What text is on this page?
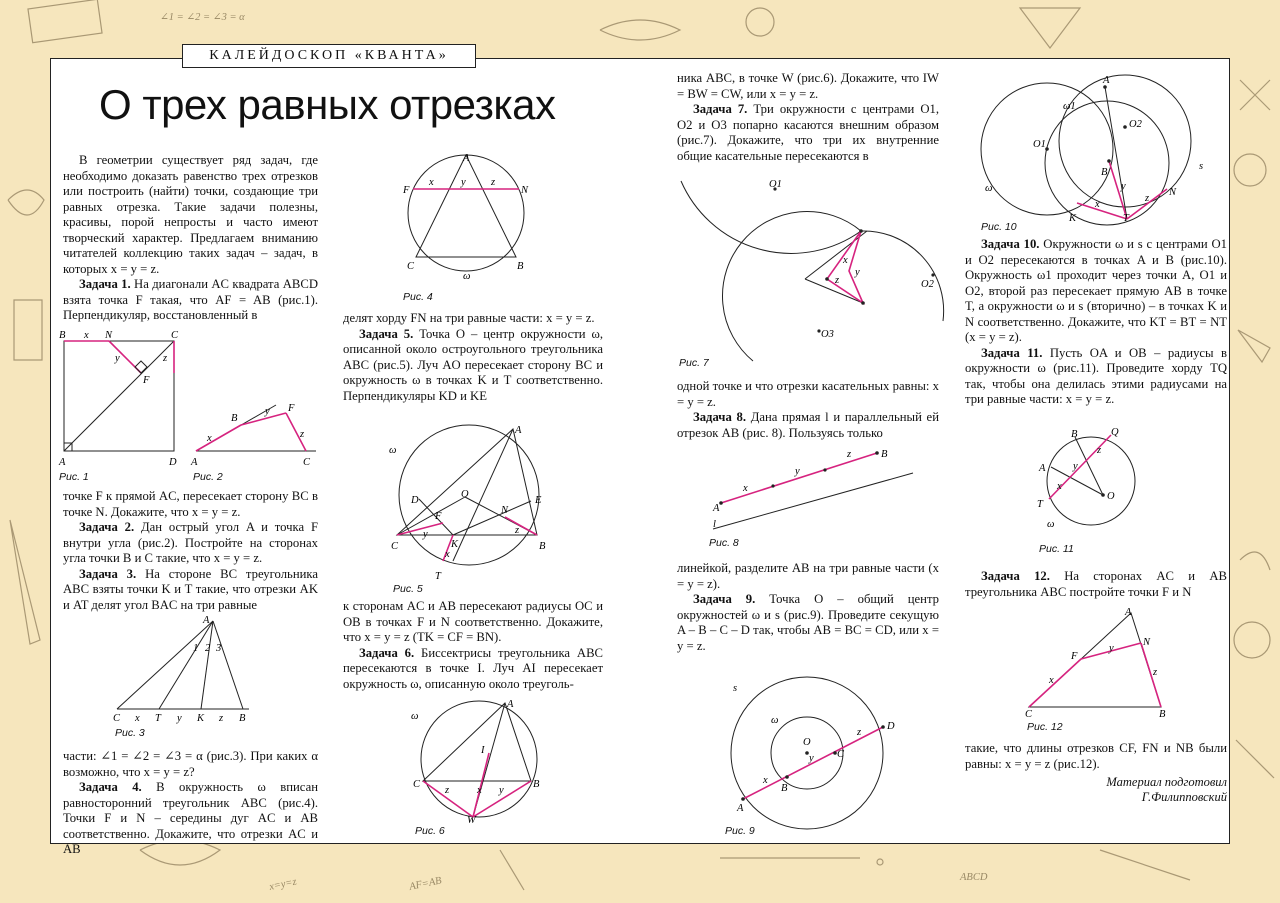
∠1 = ∠2 = ∠3 = α
x=y=z	AF=AB	ABCD
КАЛЕЙДОСКОП «КВАНТА»
О трех равных отрезках

В геометрии существует ряд задач, где необходимо доказать равенство трех отрезков или построить (найти) точки, создающие три равных отрезка. Такие задачи полезны, красивы, порой непросты и часто имеют творческий характер. Предлагаем вниманию читателей коллекцию таких задач – задач, в которых x = y = z.

Задача 1. На диагонали AC квадрата ABCD взята точка F такая, что AF = AB (рис.1). Перпендикуляр, восстановленный в

B	N	C
x
y	z
F
A	D
Рис. 1
A
B
F
C
x
y
z
Рис. 2

точке F к прямой AC, пересекает сторону BC в точке N. Докажите, что x = y = z.

Задача 2. Дан острый угол A и точка F внутри угла (рис.2). Постройте на сторонах угла точки B и C такие, что x = y = z.

Задача 3. На стороне BC треугольника ABC взяты точки K и T такие, что отрезки AK и AT делят угол BAC на три равные

A
1 2 3
C x T y K z B
Рис. 3

части: ∠1 = ∠2 = ∠3 = α (рис.3). При каких α возможно, что x = y = z?

Задача 4. В окружность ω вписан равносторонний треугольник ABC (рис.4). Точки F и N – середины дуг AC и AB соответственно. Докажите, что отрезки AC и AB

A
F	N
x	y z
C	B
ω
Рис. 4

делят хорду FN на три равные части: x = y = z.

Задача 5. Точка O – центр окружности ω, описанной около остроугольного треугольника ABC (рис.5). Луч AO пересекает сторону BC и окружность ω в точках K и T соответственно. Перпендикуляры KD и KE

A
C	B
ω
O
D	E
F
N
K
T
y	z
x
Рис. 5

к сторонам AC и AB пересекают радиусы OC и OB в точках F и N соответственно. Докажите, что x = y = z (TK = CF = BN).

Задача 6. Биссектрисы треугольника ABC пересекаются в точке I. Луч AI пересекает окружность ω, описанную около треуголь-

A
C	B
I
W
ω
z	x y
Рис. 6

ника ABC, в точке W (рис.6). Докажите, что IW = BW = CW, или x = y = z.

Задача 7. Три окружности с центрами O1, O2 и O3 попарно касаются внешним образом (рис.7). Докажите, что три их внутренние общие касательные пересекаются в

O1
O2
O3
x
y
z
Рис. 7

одной точке и что отрезки касательных равны: x = y = z.

Задача 8. Дана прямая l и параллельный ей отрезок AB (рис. 8). Пользуясь только

A
B
x
y
z
l
Рис. 8

линейкой, разделите AB на три равные части (x = y = z).

Задача 9. Точка O – общий центр окружностей ω и s (рис.9). Проведите секущую A – B – C – D так, чтобы AB = BC = CD, или x = y = z.

O
A
B
C
D
x
y
z
ω
s
Рис. 9
A
O1
O2
B
K	T
N
x
y
z
ω1
ω
s
Рис. 10

Задача 10. Окружности ω и s с центрами O1 и O2 пересекаются в точках A и B (рис.10). Окружность ω1 проходит через точки A, O1 и O2, второй раз пересекает прямую AB в точке T, а окружности ω и s (вторично) – в точках K и N соответственно. Докажите, что KT = BT = NT (x = y = z).

Задача 11. Пусть OA и OB – радиусы в окружности ω (рис.11). Проведите хорду TQ так, чтобы она делилась этими радиусами на три равные части: x = y = z.

B	Q
A
T
O
x
y
z
ω
Рис. 11

Задача 12. На сторонах AC и AB треугольника ABC постройте точки F и N

A
N
F
C	B
x
y
z
Рис. 12

такие, что длины отрезков CF, FN и NB были равны: x = y = z (рис.12).

Материал подготовил
Г.Филипповский
